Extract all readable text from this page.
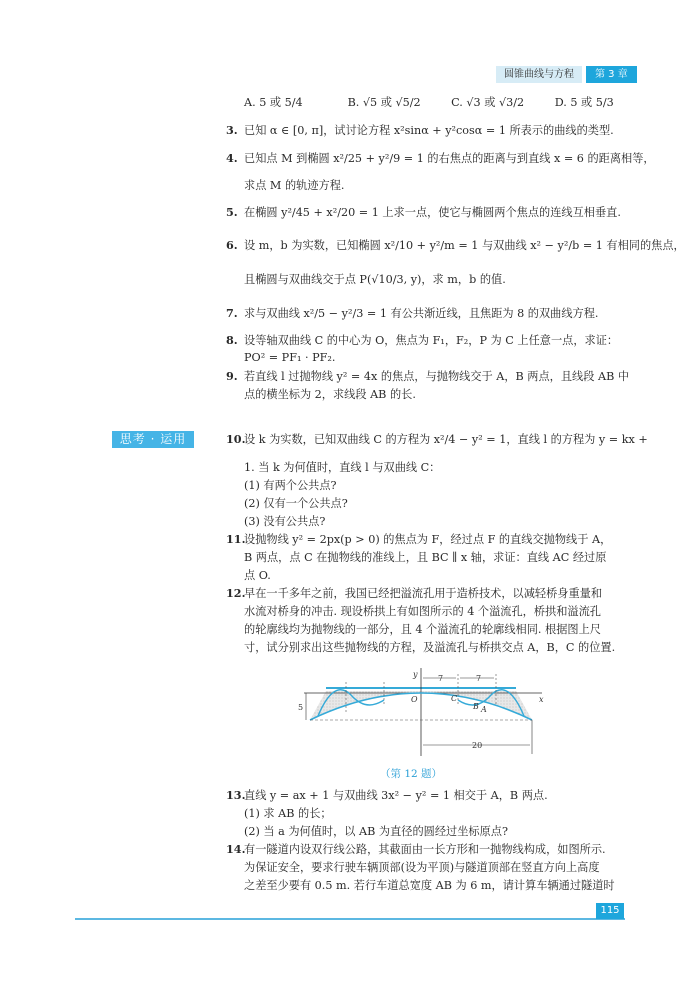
圆锥曲线与方程	第 3 章
A. 5 或 5/4	B. √5 或 √5/2	C. √3 或 √3/2	D. 5 或 5/3
3. 已知 α ∈ [0, π]，试讨论方程 x²sinα + y²cosα = 1 所表示的曲线的类型.
4. 已知点 M 到椭圆 x²/25 + y²/9 = 1 的右焦点的距离与到直线 x = 6 的距离相等，
求点 M 的轨迹方程.
5. 在椭圆 y²/45 + x²/20 = 1 上求一点，使它与椭圆两个焦点的连线互相垂直.
6. 设 m，b 为实数，已知椭圆 x²/10 + y²/m = 1 与双曲线 x² − y²/b = 1 有相同的焦点，
且椭圆与双曲线交于点 P(√10/3, y)，求 m，b 的值.
7. 求与双曲线 x²/5 − y²/3 = 1 有公共渐近线，且焦距为 8 的双曲线方程.
8. 设等轴双曲线 C 的中心为 O，焦点为 F₁，F₂，P 为 C 上任意一点，求证：
PO² = PF₁ · PF₂.
9. 若直线 l 过抛物线 y² = 4x 的焦点，与抛物线交于 A，B 两点，且线段 AB 中
点的横坐标为 2，求线段 AB 的长.
10.设 k 为实数，已知双曲线 C 的方程为 x²/4 − y² = 1，直线 l 的方程为 y = kx +
1. 当 k 为何值时，直线 l 与双曲线 C：
(1) 有两个公共点?
(2) 仅有一个公共点?
(3) 没有公共点?
11.设抛物线 y² = 2px(p > 0) 的焦点为 F，经过点 F 的直线交抛物线于 A，
B 两点，点 C 在抛物线的准线上，且 BC ∥ x 轴，求证：直线 AC 经过原
点 O.
12.早在一千多年之前，我国已经把溢流孔用于造桥技术，以减轻桥身重量和
水流对桥身的冲击. 现设桥拱上有如图所示的 4 个溢流孔，桥拱和溢流孔
的轮廓线均为抛物线的一部分，且 4 个溢流孔的轮廓线相同. 根据图上尺
寸，试分别求出这些抛物线的方程，及溢流孔与桥拱交点 A，B，C 的位置.
13.直线 y = ax + 1 与双曲线 3x² − y² = 1 相交于 A，B 两点.
(1) 求 AB 的长；
(2) 当 a 为何值时，以 AB 为直径的圆经过坐标原点?
14.有一隧道内设双行线公路，其截面由一长方形和一抛物线构成，如图所示.
为保证安全，要求行驶车辆顶部(设为平顶)与隧道顶部在竖直方向上高度
之差至少要有 0.5 m. 若行车道总宽度 AB 为 6 m，请计算车辆通过隧道时
思考 · 运用
x
y
O
7	7
20
5
C
B A
（第 12 题）
115
